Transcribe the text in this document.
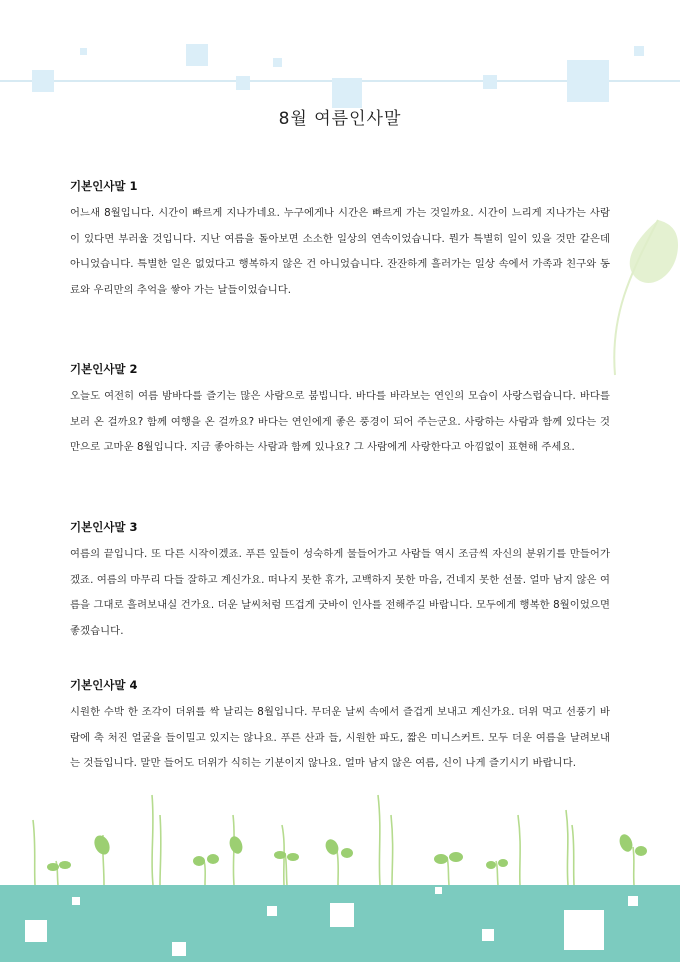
8월 여름인사말
기본인사말 1

어느새 8월입니다. 시간이 빠르게 지나가네요. 누구에게나 시간은 빠르게 가는 것일까요. 시간이 느리게 지나가는 사람이 있다면 부러울 것입니다. 지난 여름을 돌아보면 소소한 일상의 연속이었습니다. 뭔가 특별히 일이 있을 것만 같은데 아니었습니다. 특별한 일은 없었다고 행복하지 않은 건 아니었습니다. 잔잔하게 흘러가는 일상 속에서 가족과 친구와 동료와 우리만의 추억을 쌓아 가는 날들이었습니다.

기본인사말 2

오늘도 여전히 여름 밤바다를 즐기는 많은 사람으로 붐빕니다. 바다를 바라보는 연인의 모습이 사랑스럽습니다. 바다를 보러 온 걸까요? 함께 여행을 온 걸까요? 바다는 연인에게 좋은 풍경이 되어 주는군요. 사랑하는 사람과 함께 있다는 것만으로 고마운 8월입니다. 지금 좋아하는 사람과 함께 있나요? 그 사람에게 사랑한다고 아낌없이 표현해 주세요.

기본인사말 3

여름의 끝입니다. 또 다른 시작이겠죠. 푸른 잎들이 성숙하게 물들어가고 사람들 역시 조금씩 자신의 분위기를 만들어가겠죠. 여름의 마무리 다들 잘하고 계신가요. 떠나지 못한 휴가, 고백하지 못한 마음, 건네지 못한 선물. 얼마 남지 않은 여름을 그대로 흘려보내실 건가요. 더운 날씨처럼 뜨겁게 굿바이 인사를 전해주길 바랍니다. 모두에게 행복한 8월이었으면 좋겠습니다.

기본인사말 4

시원한 수박 한 조각이 더위를 싹 날리는 8월입니다. 무더운 날씨 속에서 즐겁게 보내고 계신가요. 더위 먹고 선풍기 바람에 축 처진 얼굴을 들이밀고 있지는 않나요. 푸른 산과 들, 시원한 파도, 짧은 미니스커트. 모두 더운 여름을 날려보내는 것들입니다. 말만 들어도 더위가 식히는 기분이지 않나요. 얼마 남지 않은 여름, 신이 나게 즐기시기 바랍니다.
